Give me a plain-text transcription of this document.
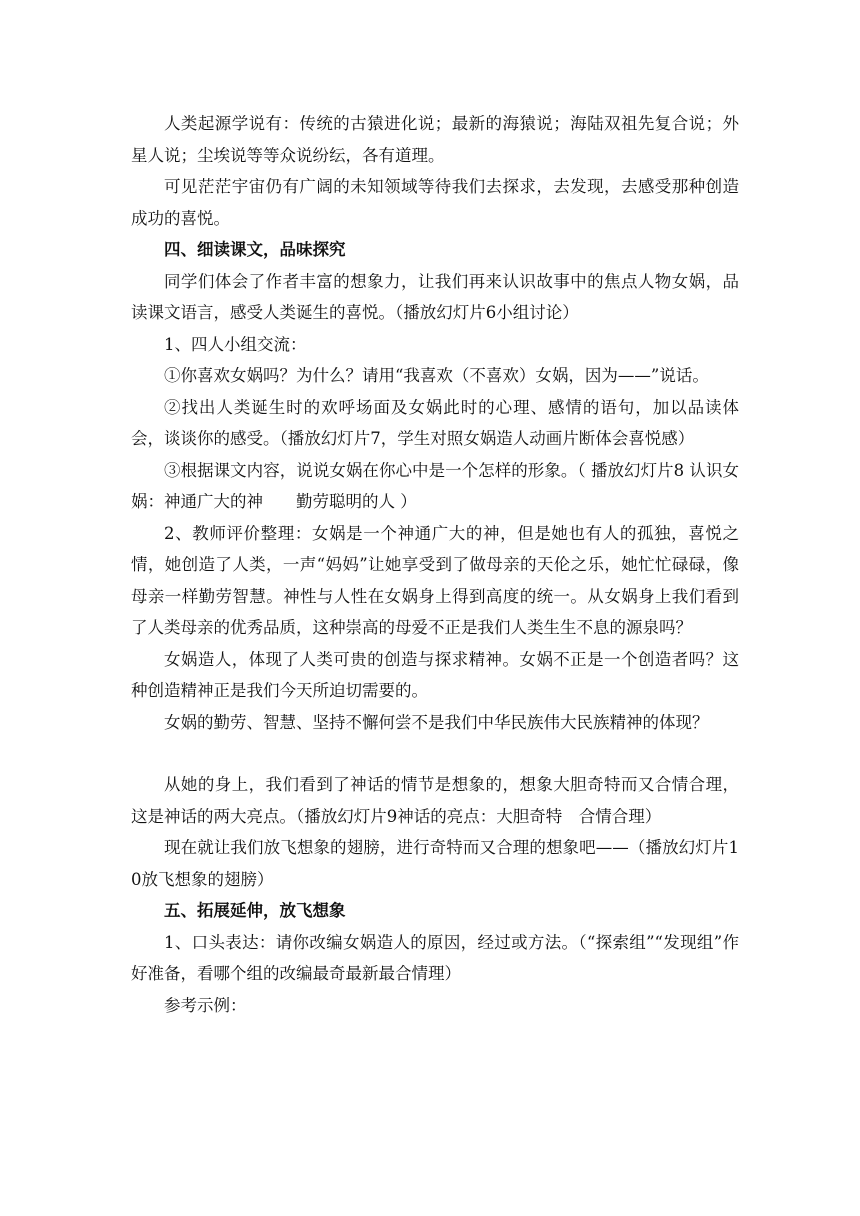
人类起源学说有：传统的古猿进化说；最新的海猿说；海陆双祖先复合说；外星人说；尘埃说等等众说纷纭，各有道理。

可见茫茫宇宙仍有广阔的未知领域等待我们去探求，去发现，去感受那种创造成功的喜悦。

四、细读课文，品味探究

同学们体会了作者丰富的想象力，让我们再来认识故事中的焦点人物女娲，品读课文语言，感受人类诞生的喜悦。（播放幻灯片6小组讨论）

1、四人小组交流：

①你喜欢女娲吗？为什么？请用“我喜欢（不喜欢）女娲，因为——”说话。

②找出人类诞生时的欢呼场面及女娲此时的心理、感情的语句，加以品读体会，谈谈你的感受。（播放幻灯片7，学生对照女娲造人动画片断体会喜悦感）

③根据课文内容，说说女娲在你心中是一个怎样的形象。（ 播放幻灯片8 认识女娲：神通广大的神　　勤劳聪明的人 ）

2、教师评价整理：女娲是一个神通广大的神，但是她也有人的孤独，喜悦之情，她创造了人类，一声“妈妈”让她享受到了做母亲的天伦之乐，她忙忙碌碌，像母亲一样勤劳智慧。神性与人性在女娲身上得到高度的统一。从女娲身上我们看到了人类母亲的优秀品质，这种崇高的母爱不正是我们人类生生不息的源泉吗？

女娲造人，体现了人类可贵的创造与探求精神。女娲不正是一个创造者吗？这种创造精神正是我们今天所迫切需要的。

女娲的勤劳、智慧、坚持不懈何尝不是我们中华民族伟大民族精神的体现？

从她的身上，我们看到了神话的情节是想象的，想象大胆奇特而又合情合理，这是神话的两大亮点。（播放幻灯片9神话的亮点：大胆奇特　合情合理）

现在就让我们放飞想象的翅膀，进行奇特而又合理的想象吧——（播放幻灯片10放飞想象的翅膀）

五、拓展延伸，放飞想象

1、口头表达：请你改编女娲造人的原因，经过或方法。（“探索组”“发现组”作好准备，看哪个组的改编最奇最新最合情理）

参考示例：
